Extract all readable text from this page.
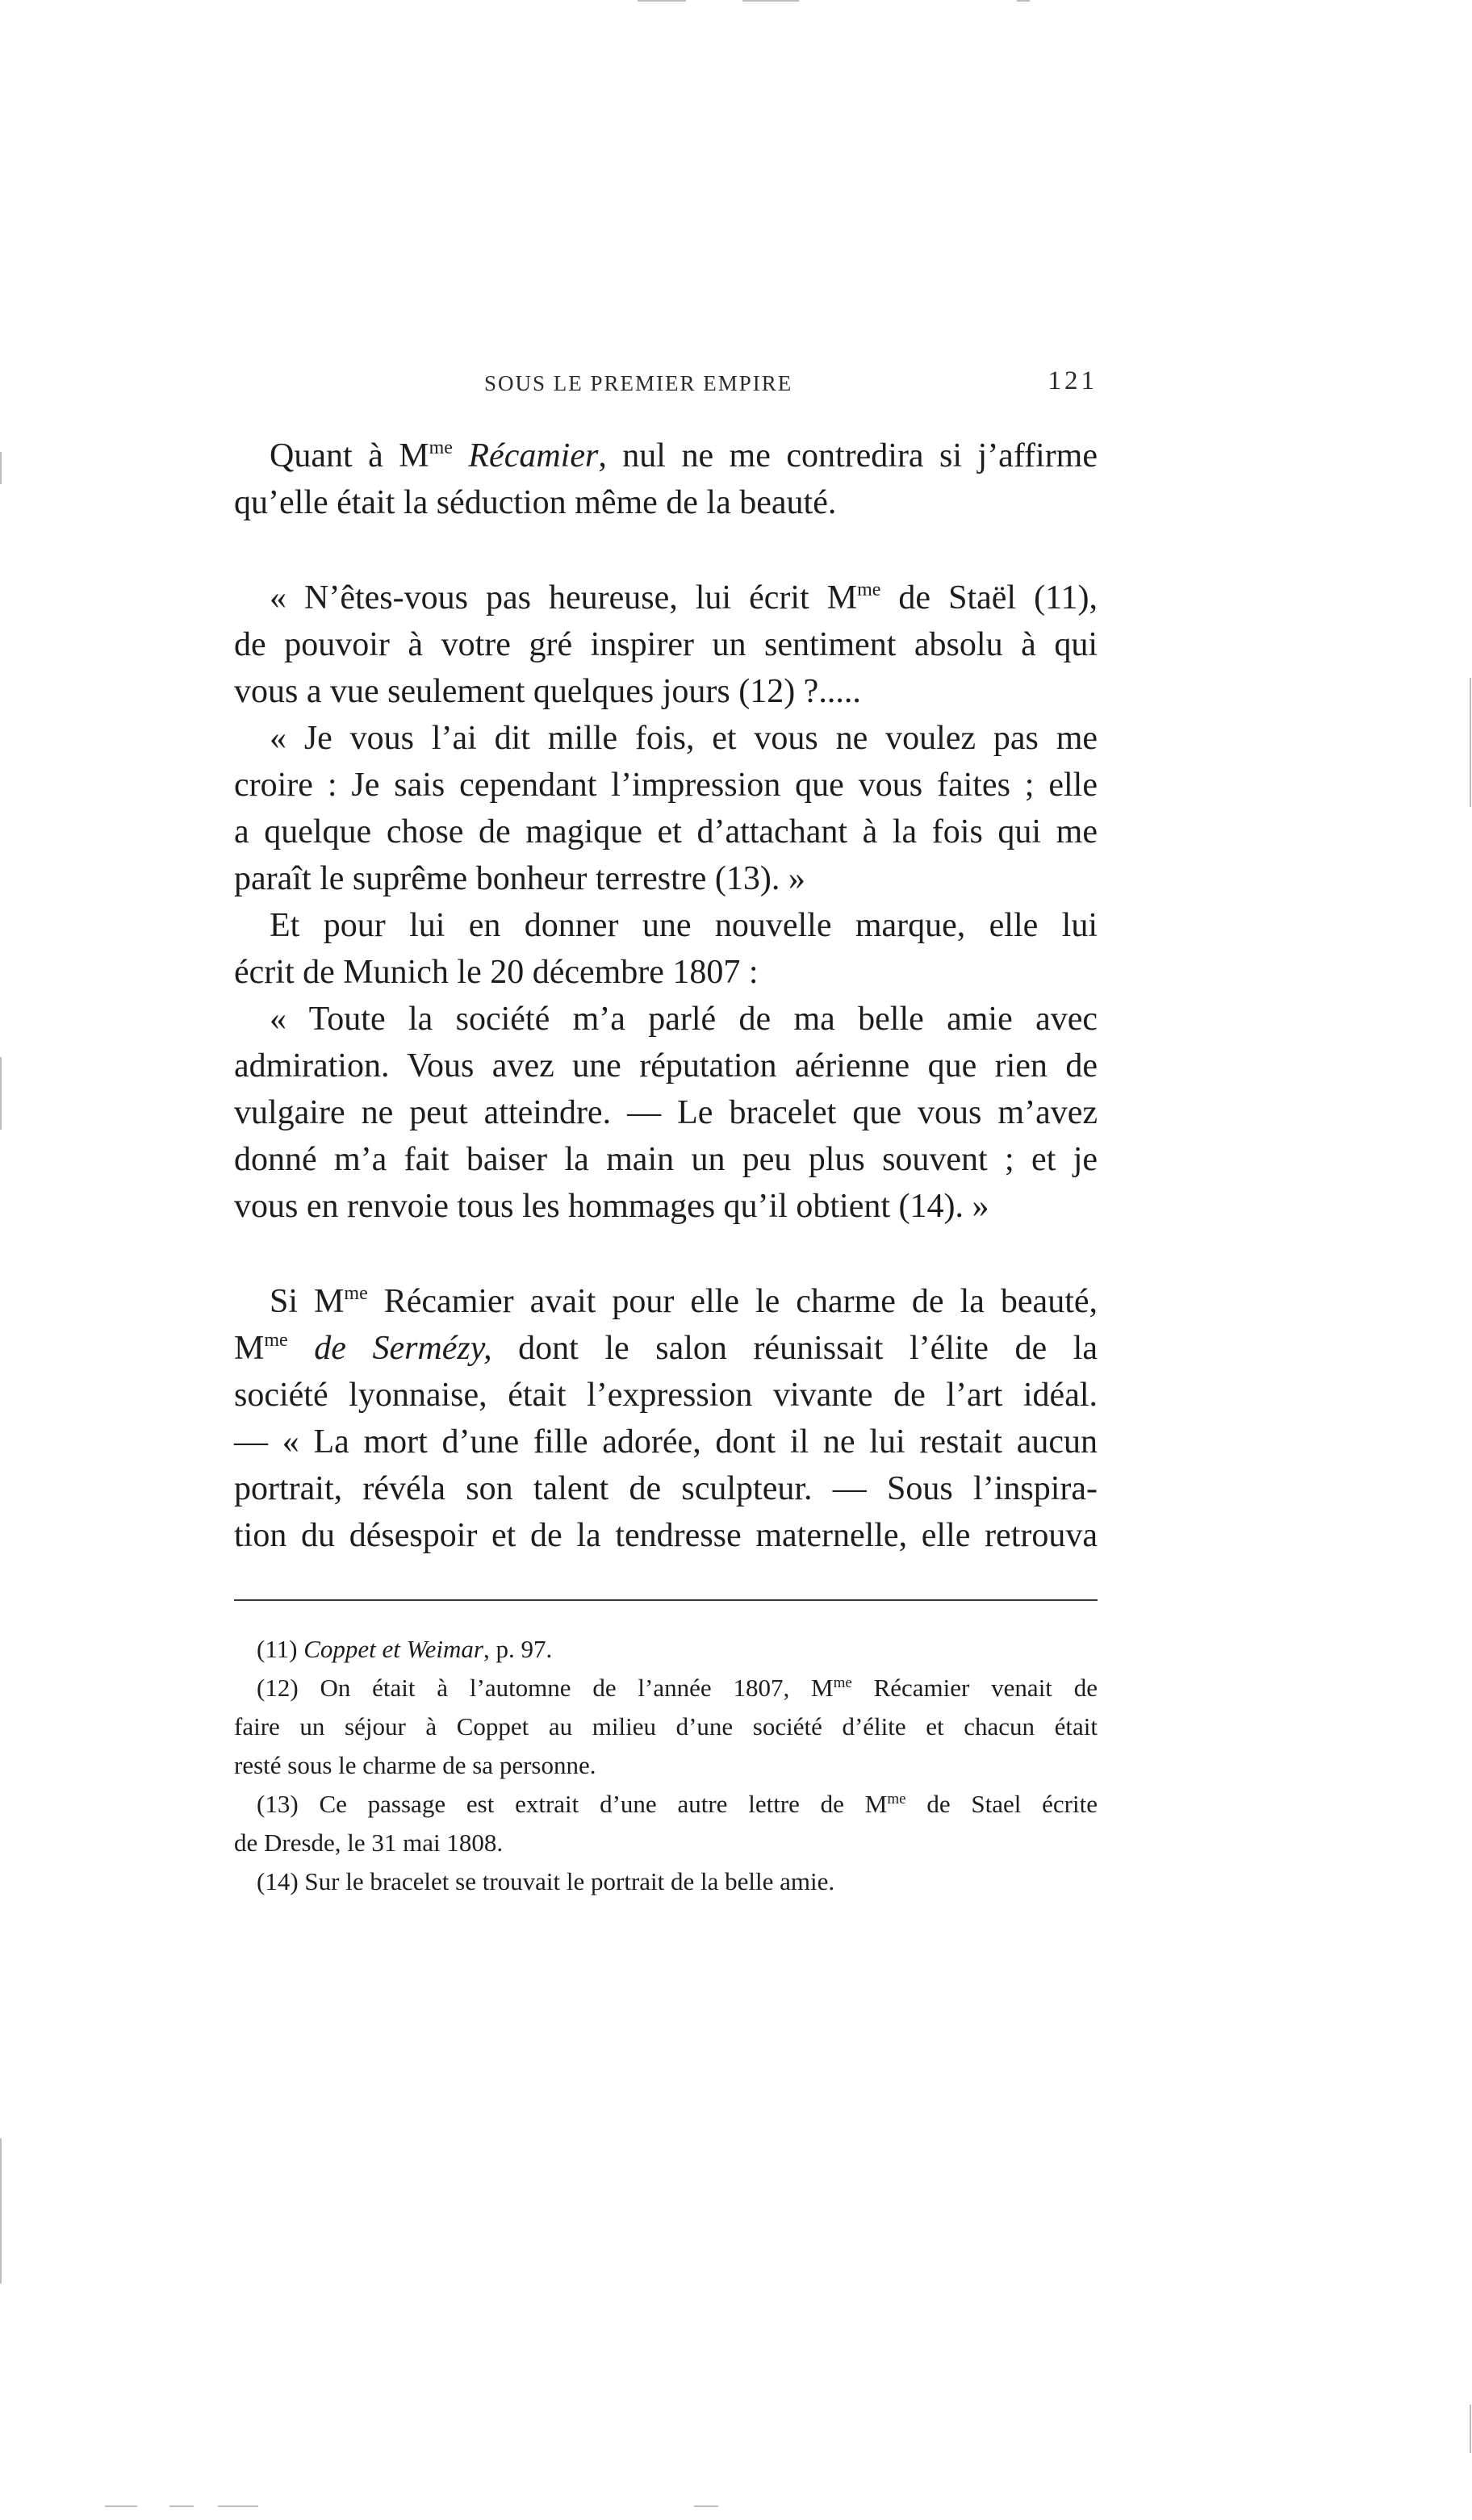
SOUS LE PREMIER EMPIRE	121
Quant à $M^{me}$ Récamier, nul ne me contredira si j’affirme
qu’elle était la séduction même de la beauté.
« N’êtes-vous pas heureuse, lui écrit $M^{me}$ de Staël (11),
de pouvoir à votre gré inspirer un sentiment absolu à qui
vous a vue seulement quelques jours (12) ?.....
« Je vous l’ai dit mille fois, et vous ne voulez pas me
croire : Je sais cependant l’impression que vous faites ; elle
a quelque chose de magique et d’attachant à la fois qui me
paraît le suprême bonheur terrestre (13). »
Et pour lui en donner une nouvelle marque, elle lui
écrit de Munich le 20 décembre 1807 :
« Toute la société m’a parlé de ma belle amie avec
admiration. Vous avez une réputation aérienne que rien de
vulgaire ne peut atteindre. — Le bracelet que vous m’avez
donné m’a fait baiser la main un peu plus souvent ; et je
vous en renvoie tous les hommages qu’il obtient (14). »
Si $M^{me}$ Récamier avait pour elle le charme de la beauté,
$M^{me}$ de Sermézy, dont le salon réunissait l’élite de la
société lyonnaise, était l’expression vivante de l’art idéal.
— « La mort d’une fille adorée, dont il ne lui restait aucun
portrait, révéla son talent de sculpteur. — Sous l’inspira-
tion du désespoir et de la tendresse maternelle, elle retrouva
(11) Coppet et Weimar, p. 97.
(12) On était à l’automne de l’année 1807, $M^{me}$ Récamier venait de
faire un séjour à Coppet au milieu d’une société d’élite et chacun était
resté sous le charme de sa personne.
(13) Ce passage est extrait d’une autre lettre de $M^{me}$ de Stael écrite
de Dresde, le 31 mai 1808.
(14) Sur le bracelet se trouvait le portrait de la belle amie.
